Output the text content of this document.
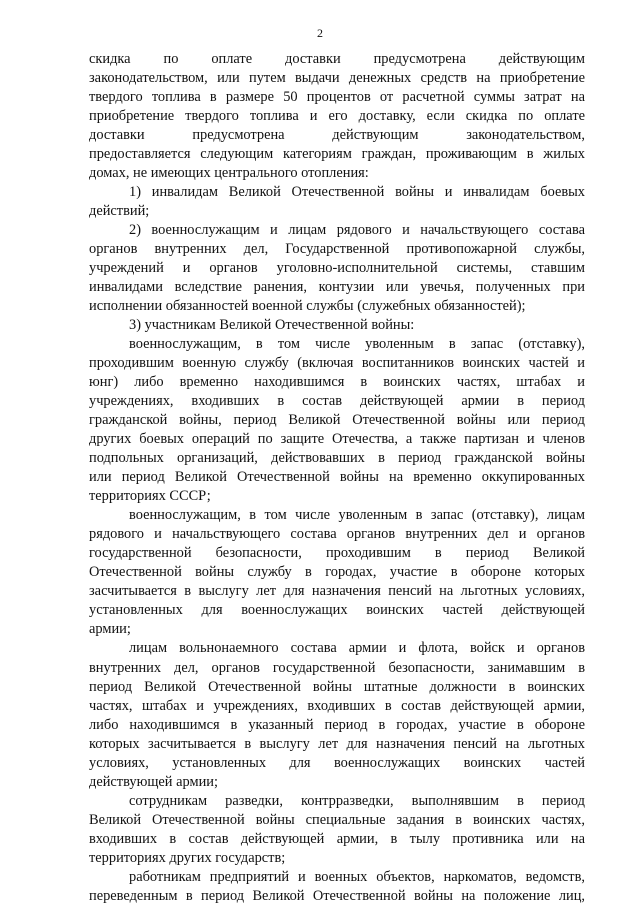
2
скидка по оплате доставки предусмотрена действующим
законодательством, или путем выдачи денежных средств на приобретение
твердого топлива в размере 50 процентов от расчетной суммы затрат на
приобретение твердого топлива и его доставку, если скидка по оплате
доставки предусмотрена действующим законодательством,
предоставляется следующим категориям граждан, проживающим в жилых
домах, не имеющих центрального отопления:
1) инвалидам Великой Отечественной войны и инвалидам боевых
действий;
2) военнослужащим и лицам рядового и начальствующего состава
органов внутренних дел, Государственной противопожарной службы,
учреждений и органов уголовно-исполнительной системы, ставшим
инвалидами вследствие ранения, контузии или увечья, полученных при
исполнении обязанностей военной службы (служебных обязанностей);
3) участникам Великой Отечественной войны:
военнослужащим, в том числе уволенным в запас (отставку),
проходившим военную службу (включая воспитанников воинских частей и
юнг) либо временно находившимся в воинских частях, штабах и
учреждениях, входивших в состав действующей армии в период
гражданской войны, период Великой Отечественной войны или период
других боевых операций по защите Отечества, а также партизан и членов
подпольных организаций, действовавших в период гражданской войны
или период Великой Отечественной войны на временно оккупированных
территориях СССР;
военнослужащим, в том числе уволенным в запас (отставку), лицам
рядового и начальствующего состава органов внутренних дел и органов
государственной безопасности, проходившим в период Великой
Отечественной войны службу в городах, участие в обороне которых
засчитывается в выслугу лет для назначения пенсий на льготных условиях,
установленных для военнослужащих воинских частей действующей
армии;
лицам вольнонаемного состава армии и флота, войск и органов
внутренних дел, органов государственной безопасности, занимавшим в
период Великой Отечественной войны штатные должности в воинских
частях, штабах и учреждениях, входивших в состав действующей армии,
либо находившимся в указанный период в городах, участие в обороне
которых засчитывается в выслугу лет для назначения пенсий на льготных
условиях, установленных для военнослужащих воинских частей
действующей армии;
сотрудникам разведки, контрразведки, выполнявшим в период
Великой Отечественной войны специальные задания в воинских частях,
входивших в состав действующей армии, в тылу противника или на
территориях других государств;
работникам предприятий и военных объектов, наркоматов, ведомств,
переведенным в период Великой Отечественной войны на положение лиц,
